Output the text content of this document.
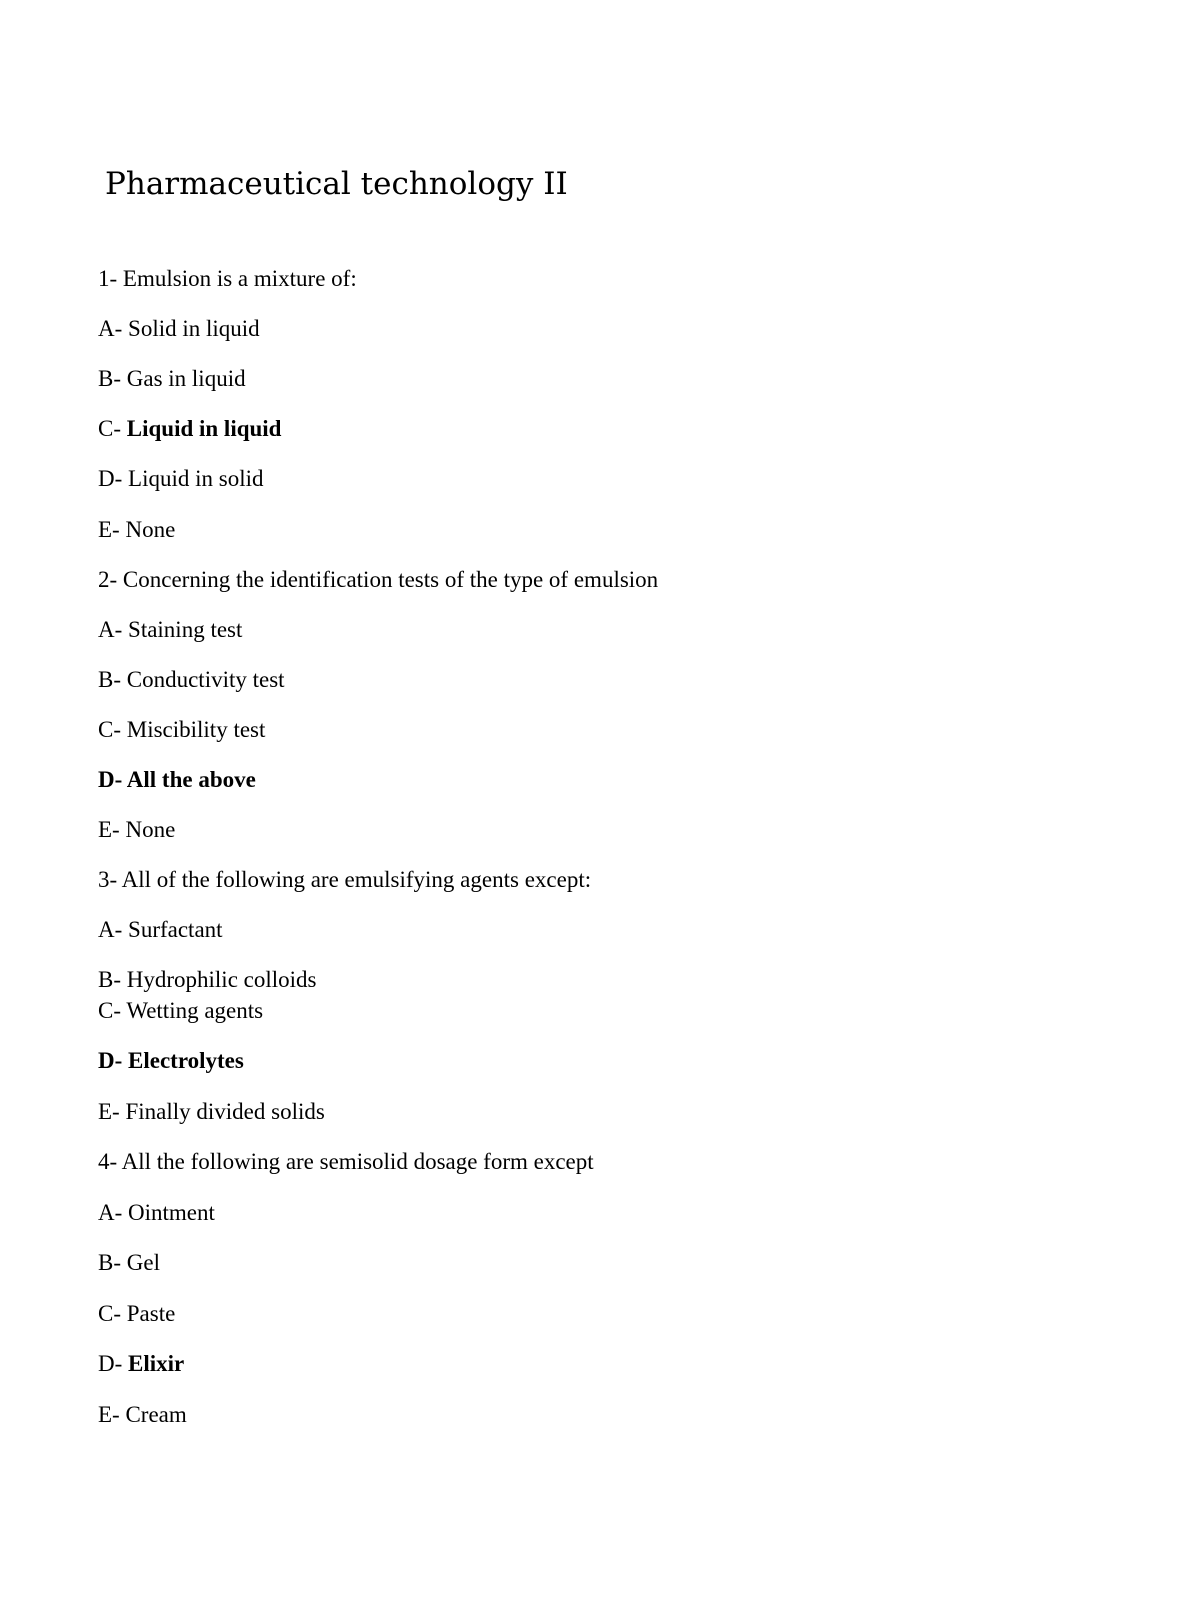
Pharmaceutical technology II

1- Emulsion is a mixture of:

A- Solid in liquid

B- Gas in liquid

C- Liquid in liquid

D- Liquid in solid

E- None

2- Concerning the identification tests of the type of emulsion

A- Staining test

B- Conductivity test

C- Miscibility test

D- All the above

E- None

3- All of the following are emulsifying agents except:

A- Surfactant

B- Hydrophilic colloids

C- Wetting agents

D- Electrolytes

E- Finally divided solids

4- All the following are semisolid dosage form except

A- Ointment

B- Gel

C- Paste

D- Elixir

E- Cream
